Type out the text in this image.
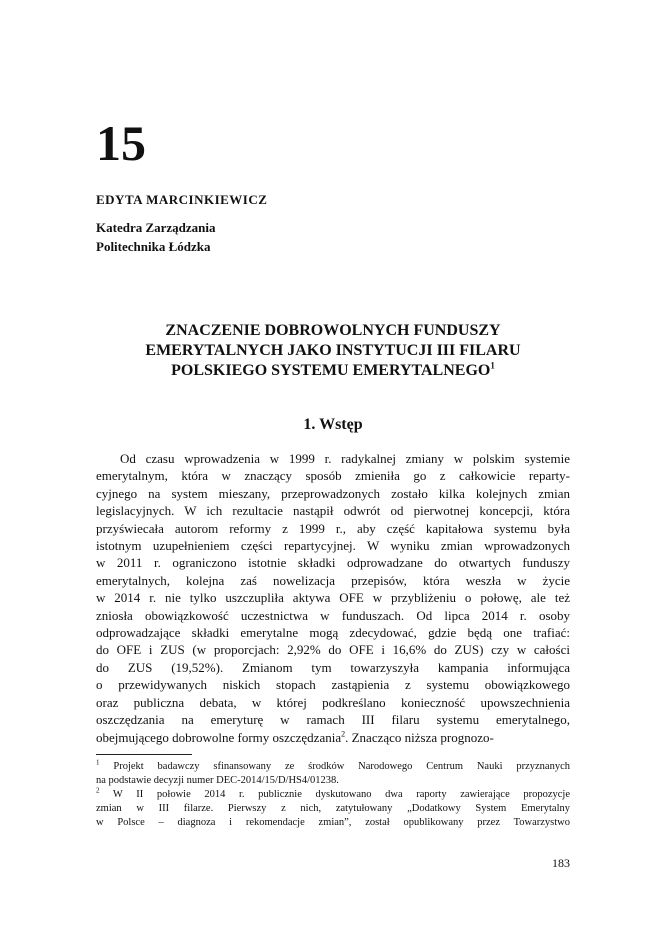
15

EDYTA MARCINKIEWICZ

Katedra Zarządzania
Politechnika Łódzka

ZNACZENIE DOBROWOLNYCH FUNDUSZY
EMERYTALNYCH JAKO INSTYTUCJI III FILARU
POLSKIEGO SYSTEMU EMERYTALNEGO$^1$
1. Wstęp
Od czasu wprowadzenia w 1999 r. radykalnej zmiany w polskim systemie
emerytalnym, która w znaczący sposób zmieniła go z całkowicie reparty-
cyjnego na system mieszany, przeprowadzonych zostało kilka kolejnych zmian
legislacyjnych. W ich rezultacie nastąpił odwrót od pierwotnej koncepcji, która
przyświecała autorom reformy z 1999 r., aby część kapitałowa systemu była
istotnym uzupełnieniem części repartycyjnej. W wyniku zmian wprowadzonych
w 2011 r. ograniczono istotnie składki odprowadzane do otwartych funduszy
emerytalnych, kolejna zaś nowelizacja przepisów, która weszła w życie
w 2014 r. nie tylko uszczupliła aktywa OFE w przybliżeniu o połowę, ale też
zniosła obowiązkowość uczestnictwa w funduszach. Od lipca 2014 r. osoby
odprowadzające składki emerytalne mogą zdecydować, gdzie będą one trafiać:
do OFE i ZUS (w proporcjach: 2,92% do OFE i 16,6% do ZUS) czy w całości
do ZUS (19,52%). Zmianom tym towarzyszyła kampania informująca
o przewidywanych niskich stopach zastąpienia z systemu obowiązkowego
oraz publiczna debata, w której podkreślano konieczność upowszechnienia
oszczędzania na emeryturę w ramach III filaru systemu emerytalnego,
obejmującego dobrowolne formy oszczędzania$^2$. Znacząco niższa prognozo-
$^1$ Projekt badawczy sfinansowany ze środków Narodowego Centrum Nauki przyznanych
na podstawie decyzji numer DEC-2014/15/D/HS4/01238.
$^2$ W II połowie 2014 r. publicznie dyskutowano dwa raporty zawierające propozycje
zmian w III filarze. Pierwszy z nich, zatytułowany „Dodatkowy System Emerytalny
w Polsce – diagnoza i rekomendacje zmian”, został opublikowany przez Towarzystwo

183
